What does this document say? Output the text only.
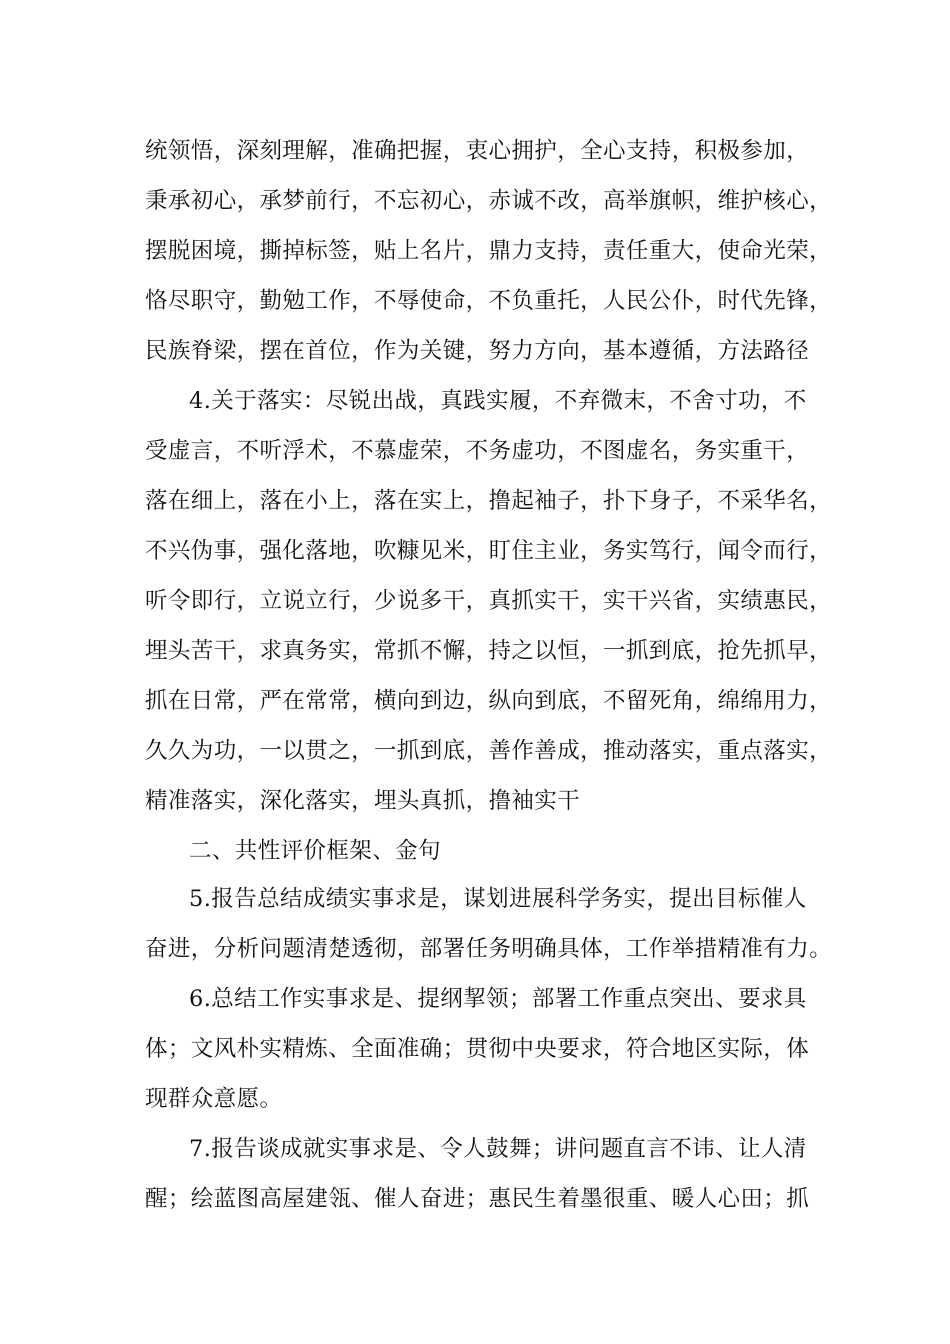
统领悟，深刻理解，准确把握，衷心拥护，全心支持，积极参加，
秉承初心，承梦前行，不忘初心，赤诚不改，高举旗帜，维护核心，
摆脱困境，撕掉标签，贴上名片，鼎力支持，责任重大，使命光荣，
恪尽职守，勤勉工作，不辱使命，不负重托，人民公仆，时代先锋，
民族脊梁，摆在首位，作为关键，努力方向，基本遵循，方法路径
4.关于落实：尽锐出战，真践实履，不弃微末，不舍寸功，不
受虚言，不听浮术，不慕虚荣，不务虚功，不图虚名，务实重干，
落在细上，落在小上，落在实上，撸起袖子，扑下身子，不采华名，
不兴伪事，强化落地，吹糠见米，盯住主业，务实笃行，闻令而行，
听令即行，立说立行，少说多干，真抓实干，实干兴省，实绩惠民，
埋头苦干，求真务实，常抓不懈，持之以恒，一抓到底，抢先抓早，
抓在日常，严在常常，横向到边，纵向到底，不留死角，绵绵用力，
久久为功，一以贯之，一抓到底，善作善成，推动落实，重点落实，
精准落实，深化落实，埋头真抓，撸袖实干
二、共性评价框架、金句
5.报告总结成绩实事求是，谋划进展科学务实，提出目标催人
奋进，分析问题清楚透彻，部署任务明确具体，工作举措精准有力。
6.总结工作实事求是、提纲挈领；部署工作重点突出、要求具
体；文风朴实精炼、全面准确；贯彻中央要求，符合地区实际，体
现群众意愿。
7.报告谈成就实事求是、令人鼓舞；讲问题直言不讳、让人清
醒；绘蓝图高屋建瓴、催人奋进；惠民生着墨很重、暖人心田；抓
